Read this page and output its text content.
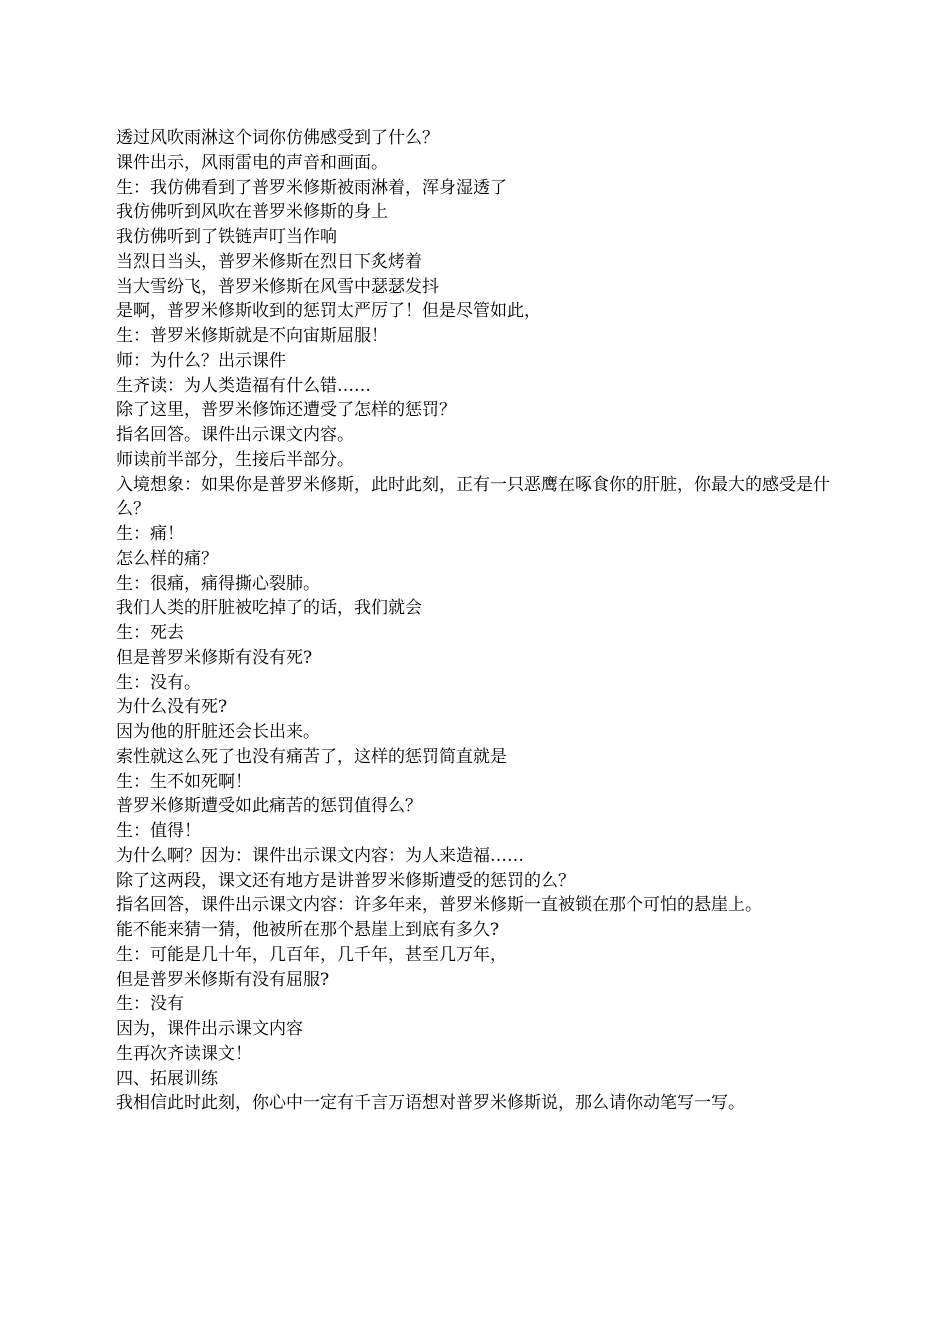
透过风吹雨淋这个词你仿佛感受到了什么？

课件出示，风雨雷电的声音和画面。

生：我仿佛看到了普罗米修斯被雨淋着，浑身湿透了

我仿佛听到风吹在普罗米修斯的身上

我仿佛听到了铁链声叮当作响

当烈日当头，普罗米修斯在烈日下炙烤着

当大雪纷飞，普罗米修斯在风雪中瑟瑟发抖

是啊，普罗米修斯收到的惩罚太严厉了！但是尽管如此，

生：普罗米修斯就是不向宙斯屈服！

师：为什么？出示课件

生齐读：为人类造福有什么错……

除了这里，普罗米修饰还遭受了怎样的惩罚？

指名回答。课件出示课文内容。

师读前半部分，生接后半部分。

入境想象：如果你是普罗米修斯，此时此刻，正有一只恶鹰在啄食你的肝脏，你最大的感受是什么？

生：痛！

怎么样的痛？

生：很痛，痛得撕心裂肺。

我们人类的肝脏被吃掉了的话，我们就会

生：死去

但是普罗米修斯有没有死?

生：没有。

为什么没有死?

因为他的肝脏还会长出来。

索性就这么死了也没有痛苦了，这样的惩罚简直就是

生：生不如死啊！

普罗米修斯遭受如此痛苦的惩罚值得么？

生：值得！

为什么啊？因为：课件出示课文内容：为人来造福……

除了这两段，课文还有地方是讲普罗米修斯遭受的惩罚的么？

指名回答，课件出示课文内容：许多年来，普罗米修斯一直被锁在那个可怕的悬崖上。

能不能来猜一猜，他被所在那个悬崖上到底有多久?

生：可能是几十年，几百年，几千年，甚至几万年，

但是普罗米修斯有没有屈服?

生：没有

因为，课件出示课文内容

生再次齐读课文！

四、拓展训练

我相信此时此刻，你心中一定有千言万语想对普罗米修斯说，那么请你动笔写一写。
